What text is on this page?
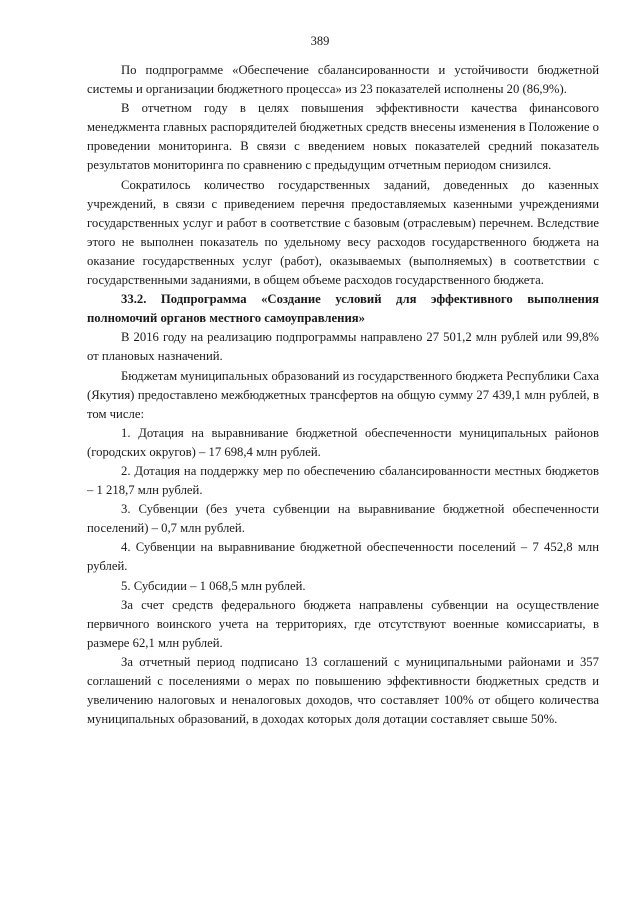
389

По подпрограмме «Обеспечение сбалансированности и устойчивости бюджетной системы и организации бюджетного процесса» из 23 показателей исполнены 20 (86,9%).

В отчетном году в целях повышения эффективности качества финансового менеджмента главных распорядителей бюджетных средств внесены изменения в Положение о проведении мониторинга. В связи с введением новых показателей средний показатель результатов мониторинга по сравнению с предыдущим отчетным периодом снизился.

Сократилось количество государственных заданий, доведенных до казенных учреждений, в связи с приведением перечня предоставляемых казенными учреждениями государственных услуг и работ в соответствие с базовым (отраслевым) перечнем. Вследствие этого не выполнен показатель по удельному весу расходов государственного бюджета на оказание государственных услуг (работ), оказываемых (выполняемых) в соответствии с государственными заданиями, в общем объеме расходов государственного бюджета.

33.2. Подпрограмма «Создание условий для эффективного выполнения полномочий органов местного самоуправления»

В 2016 году на реализацию подпрограммы направлено 27 501,2 млн рублей или 99,8% от плановых назначений.

Бюджетам муниципальных образований из государственного бюджета Республики Саха (Якутия) предоставлено межбюджетных трансфертов на общую сумму 27 439,1 млн рублей, в том числе:

1. Дотация на выравнивание бюджетной обеспеченности муниципальных районов (городских округов) – 17 698,4 млн рублей.

2. Дотация на поддержку мер по обеспечению сбалансированности местных бюджетов – 1 218,7 млн рублей.

3. Субвенции (без учета субвенции на выравнивание бюджетной обеспеченности поселений) – 0,7 млн рублей.

4. Субвенции на выравнивание бюджетной обеспеченности поселений – 7 452,8 млн рублей.

5. Субсидии – 1 068,5 млн рублей.

За счет средств федерального бюджета направлены субвенции на осуществление первичного воинского учета на территориях, где отсутствуют военные комиссариаты, в размере 62,1 млн рублей.

За отчетный период подписано 13 соглашений с муниципальными районами и 357 соглашений с поселениями о мерах по повышению эффективности бюджетных средств и увеличению налоговых и неналоговых доходов, что составляет 100% от общего количества муниципальных образований, в доходах которых доля дотации составляет свыше 50%.
